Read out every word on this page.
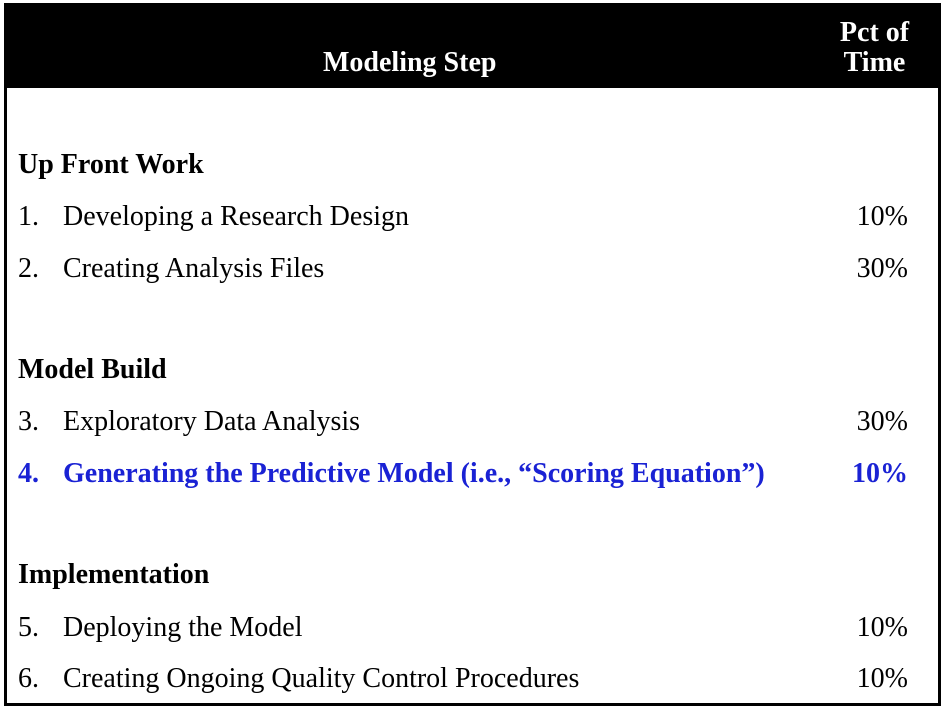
Modeling Step
Pct of
Time
Up Front Work
1. Developing a Research Design	10%
2. Creating Analysis Files	30%
Model Build
3. Exploratory Data Analysis	30%
4. Generating the Predictive Model (i.e., “Scoring Equation”)	10%
Implementation
5. Deploying the Model	10%
6. Creating Ongoing Quality Control Procedures	10%
